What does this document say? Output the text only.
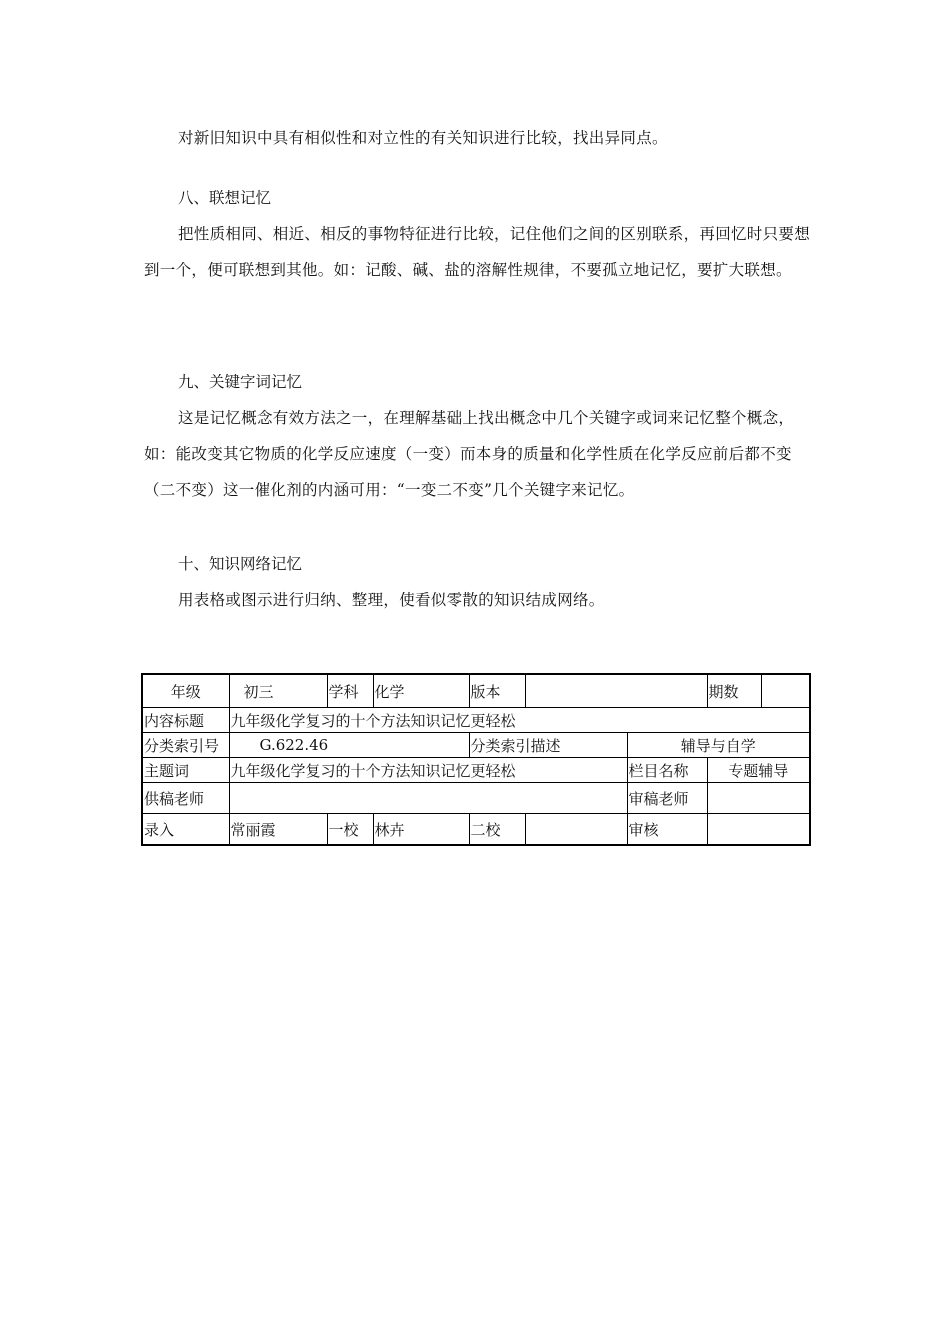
对新旧知识中具有相似性和对立性的有关知识进行比较，找出异同点。

八、联想记忆

把性质相同、相近、相反的事物特征进行比较，记住他们之间的区别联系，再回忆时只要想到一个，便可联想到其他。如：记酸、碱、盐的溶解性规律，不要孤立地记忆，要扩大联想。

九、关键字词记忆

这是记忆概念有效方法之一，在理解基础上找出概念中几个关键字或词来记忆整个概念，如：能改变其它物质的化学反应速度（一变）而本身的质量和化学性质在化学反应前后都不变（二不变）这一催化剂的内涵可用：“一变二不变”几个关键字来记忆。

十、知识网络记忆

用表格或图示进行归纳、整理，使看似零散的知识结成网络。

年级	初三	学科	化学	版本			期数	
内容标题	九年级化学复习的十个方法知识记忆更轻松							
分类索引号	G.622.46			分类索引描述		辅导与自学		
主题词	九年级化学复习的十个方法知识记忆更轻松					栏目名称	专题辅导	
供稿老师						审稿老师		
录入	常丽霞	一校	林卉	二校		审核		
